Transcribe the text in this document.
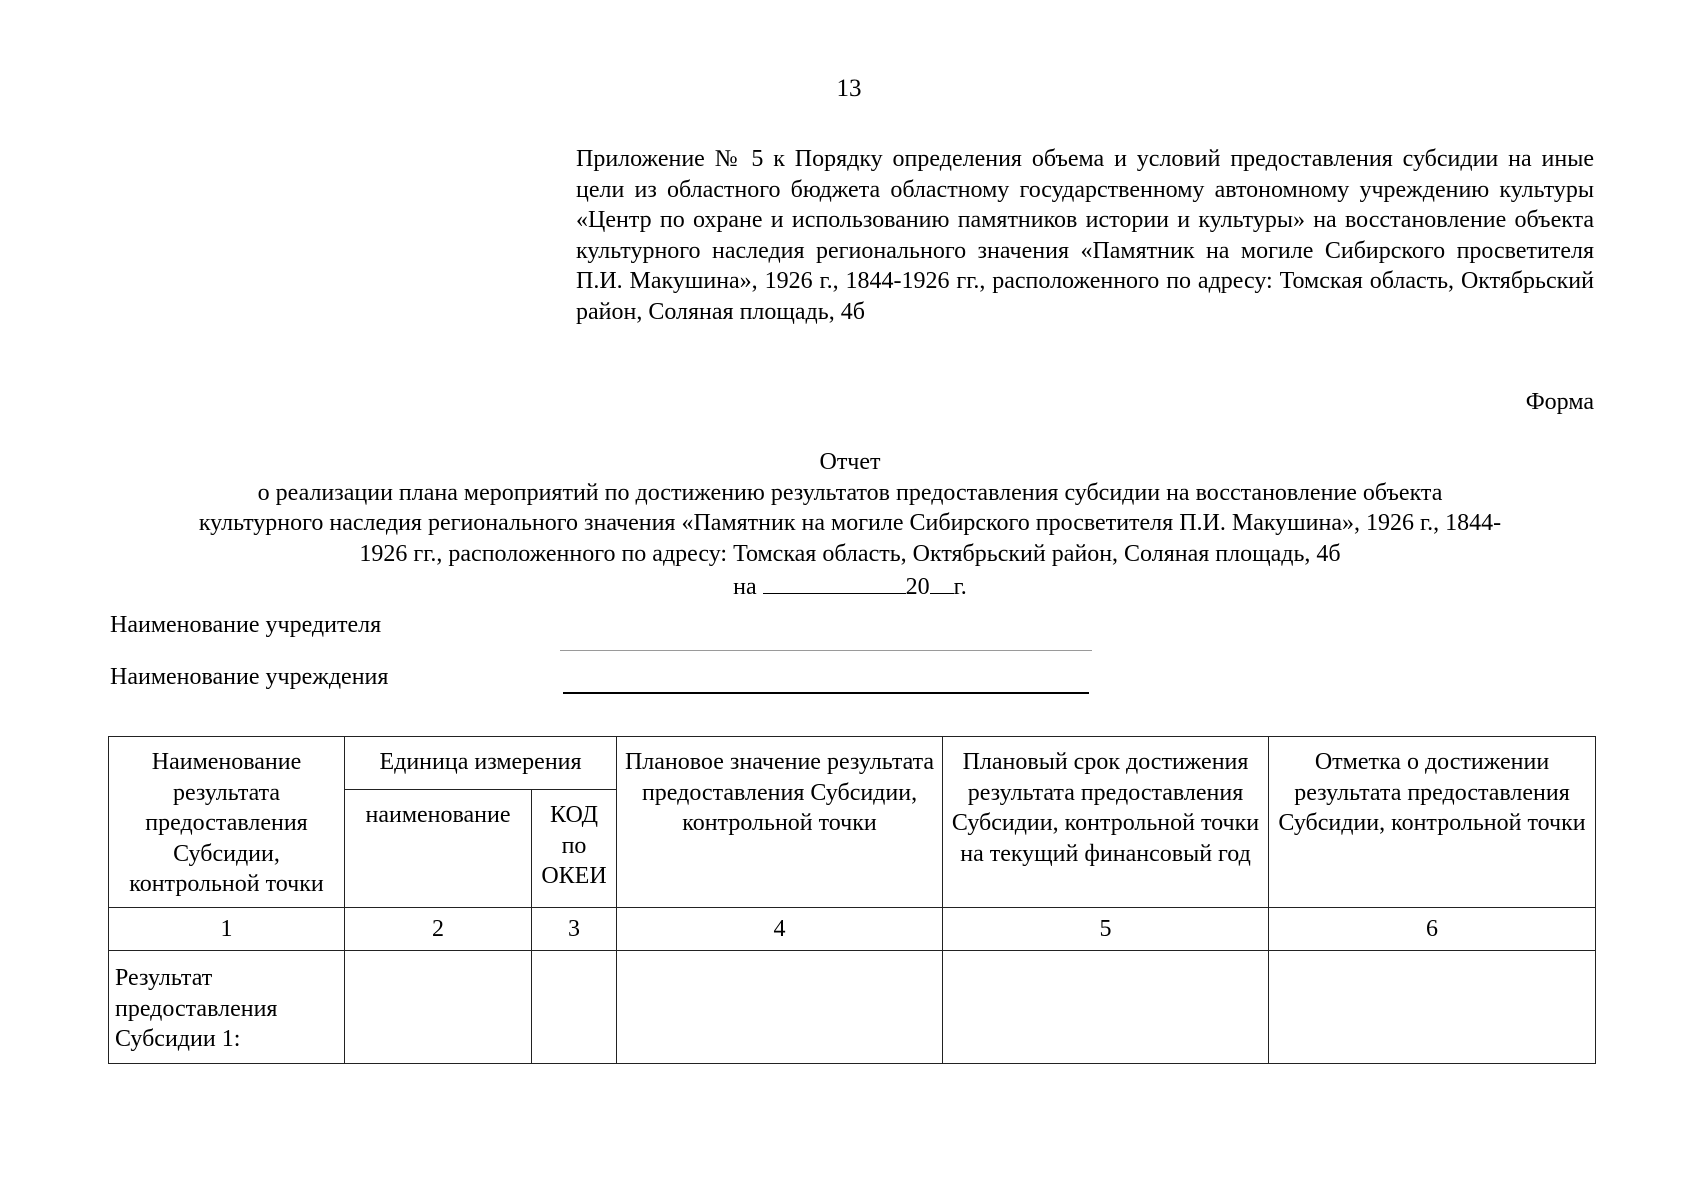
13
Приложение № 5 к Порядку определения объема и условий предоставления субсидии на иные цели из областного бюджета областному государственному автономному учреждению культуры «Центр по охране и использованию памятников истории и культуры» на восстановление объекта культурного наследия регионального значения «Памятник на могиле Сибирского просветителя П.И. Макушина», 1926 г., 1844-1926 гг., расположенного по адресу: Томская область, Октябрьский район, Соляная площадь, 4б
Форма
Отчет
о реализации плана мероприятий по достижению результатов предоставления субсидии на восстановление объекта
культурного наследия регионального значения «Памятник на могиле Сибирского просветителя П.И. Макушина», 1926 г., 1844-
1926 гг., расположенного по адресу: Томская область, Октябрьский район, Соляная площадь, 4б
на	20 г.
Наименование учредителя
Наименование учреждения
Наименование результата предоставления Субсидии, контрольной точки	Единица измерения		Плановое значение результата предоставления Субсидии, контрольной точки	Плановый срок достижения результата предоставления Субсидии, контрольной точки на текущий финансовый год	Отметка о достижении результата предоставления Субсидии, контрольной точки
	наименование	КОД по ОКЕИ			
1	2	3	4	5	6
Результат предоставления Субсидии 1:					
